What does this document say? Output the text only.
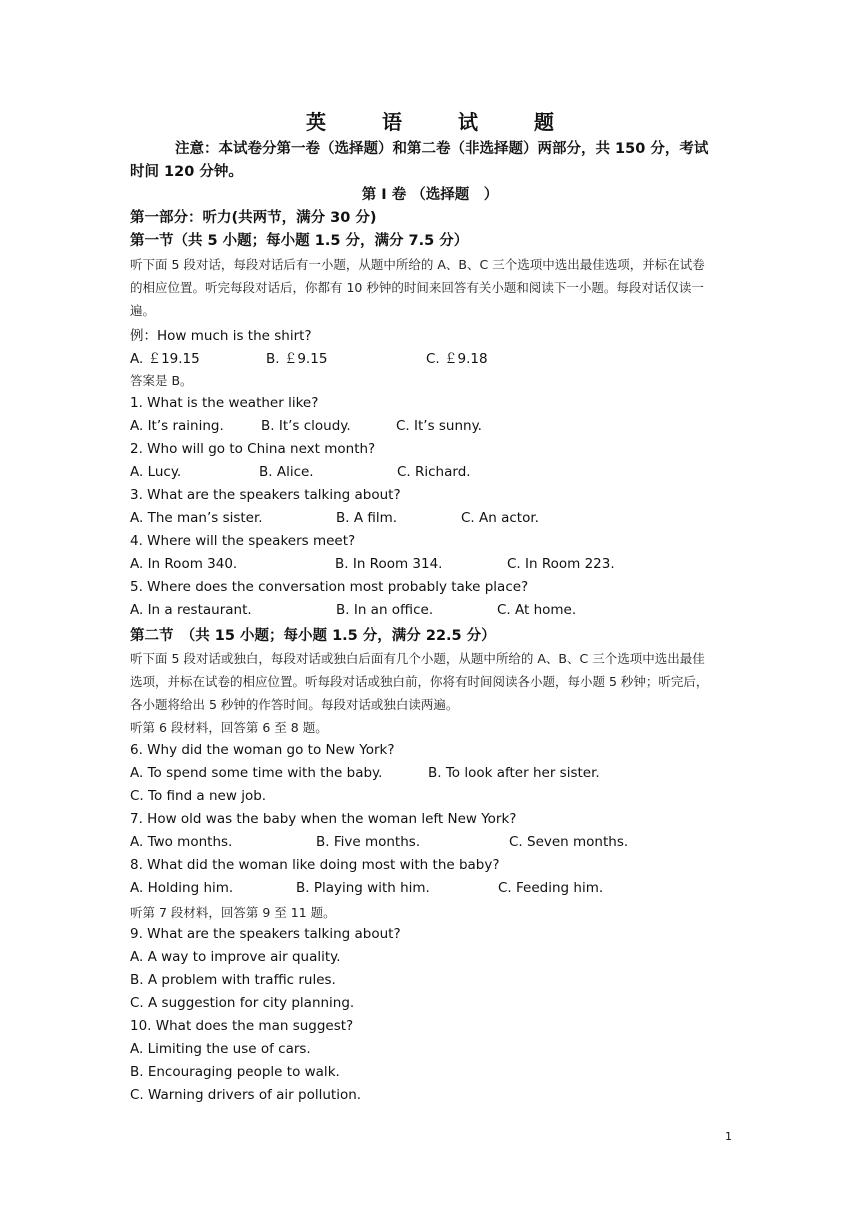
英　语　试　题
注意：本试卷分第一卷（选择题）和第二卷（非选择题）两部分，共 150 分，考试
时间 120 分钟。
第 I 卷 （选择题　）
第一部分：听力(共两节，满分 30 分)
第一节（共 5 小题；每小题 1.5 分，满分 7.5 分）
听下面 5 段对话，每段对话后有一小题，从题中所给的 A、B、C 三个选项中选出最佳选项，并标在试卷
的相应位置。听完每段对话后，你都有 10 秒钟的时间来回答有关小题和阅读下一小题。每段对话仅读一
遍。
例：How much is the shirt?
A. ￡19.15	B. ￡9.15	C. ￡9.18
答案是 B。
1. What is the weather like?
A. It’s raining.	B. It’s cloudy.	C. It’s sunny.
2. Who will go to China next month?
A. Lucy.	B. Alice.	C. Richard.
3. What are the speakers talking about?
A. The man’s sister.	B. A film.	C. An actor.
4. Where will the speakers meet?
A. In Room 340.	B. In Room 314.	C. In Room 223.
5. Where does the conversation most probably take place?
A. In a restaurant.	B. In an office.	C. At home.
第二节　（共 15 小题；每小题 1.5 分，满分 22.5 分）
听下面 5 段对话或独白，每段对话或独白后面有几个小题，从题中所给的 A、B、C 三个选项中选出最佳
选项，并标在试卷的相应位置。听每段对话或独白前，你将有时间阅读各小题，每小题 5 秒钟；听完后，
各小题将给出 5 秒钟的作答时间。每段对话或独白读两遍。
听第 6 段材料，回答第 6 至 8 题。
6. Why did the woman go to New York?
A. To spend some time with the baby.	B. To look after her sister.
C. To find a new job.
7. How old was the baby when the woman left New York?
A. Two months.	B. Five months.	C. Seven months.
8. What did the woman like doing most with the baby?
A. Holding him.	B. Playing with him.	C. Feeding him.
听第 7 段材料，回答第 9 至 11 题。
9. What are the speakers talking about?
A. A way to improve air quality.
B. A problem with traffic rules.
C. A suggestion for city planning.
10. What does the man suggest?
A. Limiting the use of cars.
B. Encouraging people to walk.
C. Warning drivers of air pollution.
1
